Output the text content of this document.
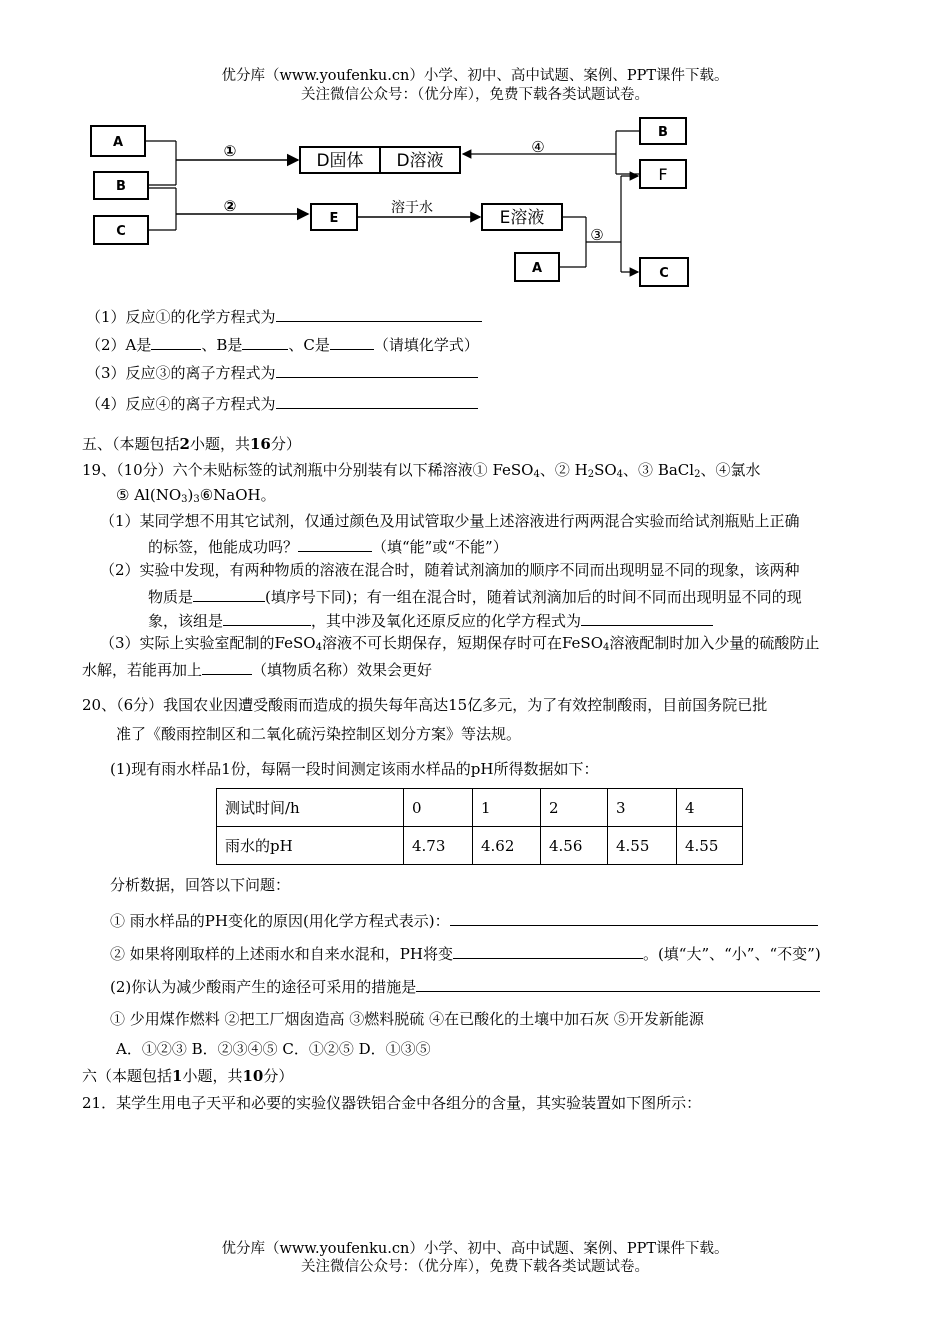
优分库（www.youfenku.cn）小学、初中、高中试题、案例、PPT课件下载。
关注微信公众号：（优分库），免费下载各类试题试卷。
A
B
C
E
A
B
C
D固体 D溶液
E溶液
F
①
②
④
③
溶于水
（1）反应①的化学方程式为
（2）A是	、B是	、C是	（请填化学式）
（3）反应③的离子方程式为
（4）反应④的离子方程式为
五、（本题包括2小题，共16分）
19、（10分）六个未贴标签的试剂瓶中分别装有以下稀溶液① FeSO$_4$、② $H_2SO_4$、③ BaCl$_2$、④氯水
⑤ $Al(NO_3)_3⑥NaOH$。
（1）某同学想不用其它试剂，仅通过颜色及用试管取少量上述溶液进行两两混合实验而给试剂瓶贴上正确
的标签，他能成功吗？	（填“能”或“不能”）
（2）实验中发现，有两种物质的溶液在混合时，随着试剂滴加的顺序不同而出现明显不同的现象，该两种
物质是	(填序号下同)；有一组在混合时，随着试剂滴加后的时间不同而出现明显不同的现
象，该组是	，其中涉及氧化还原反应的化学方程式为
（3）实际上实验室配制的FeSO$_4$溶液不可长期保存，短期保存时可在FeSO$_4$溶液配制时加入少量的硫酸防止
水解，若能再加上	（填物质名称）效果会更好
20、（6分）我国农业因遭受酸雨而造成的损失每年高达15亿多元，为了有效控制酸雨，目前国务院已批
准了《酸雨控制区和二氧化硫污染控制区划分方案》等法规。
(1)现有雨水样品1份，每隔一段时间测定该雨水样品的pH所得数据如下：
测试时间/h	0	1	2	3	4
雨水的pH	4.73	4.62	4.56	4.55	4.55
分析数据，回答以下问题：
① 雨水样品的PH变化的原因(用化学方程式表示)：
② 如果将刚取样的上述雨水和自来水混和，PH将变	。(填“大”、“小”、“不变”)
(2)你认为减少酸雨产生的途径可采用的措施是
① 少用煤作燃料 ②把工厂烟囱造高 ③燃料脱硫 ④在已酸化的土壤中加石灰 ⑤开发新能源
A．①②③ B．②③④⑤ C．①②⑤ D．①③⑤
六（本题包括1小题，共10分）
21．某学生用电子天平和必要的实验仪器铁铝合金中各组分的含量，其实验装置如下图所示：
优分库（www.youfenku.cn）小学、初中、高中试题、案例、PPT课件下载。
关注微信公众号：（优分库），免费下载各类试题试卷。
